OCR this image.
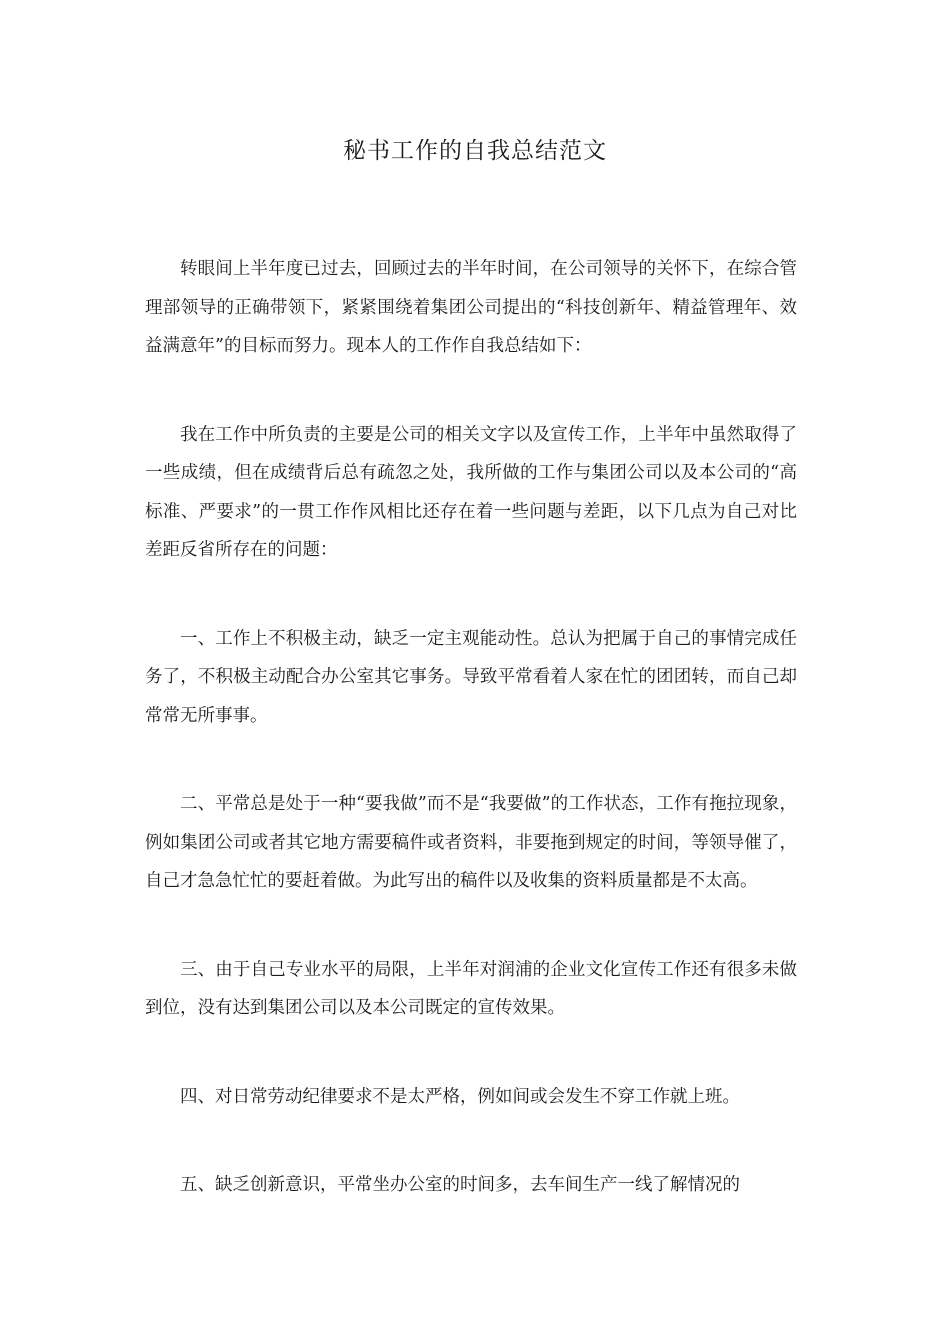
秘书工作的自我总结范文

转眼间上半年度已过去，回顾过去的半年时间，在公司领导的关怀下，在综合管理部领导的正确带领下，紧紧围绕着集团公司提出的“科技创新年、精益管理年、效益满意年”的目标而努力。现本人的工作作自我总结如下：

我在工作中所负责的主要是公司的相关文字以及宣传工作，上半年中虽然取得了一些成绩，但在成绩背后总有疏忽之处，我所做的工作与集团公司以及本公司的“高标准、严要求”的一贯工作作风相比还存在着一些问题与差距，以下几点为自己对比差距反省所存在的问题：

一、工作上不积极主动，缺乏一定主观能动性。总认为把属于自己的事情完成任务了，不积极主动配合办公室其它事务。导致平常看着人家在忙的团团转，而自己却常常无所事事。

二、平常总是处于一种“要我做”而不是“我要做”的工作状态，工作有拖拉现象，例如集团公司或者其它地方需要稿件或者资料，非要拖到规定的时间，等领导催了，自己才急急忙忙的要赶着做。为此写出的稿件以及收集的资料质量都是不太高。

三、由于自己专业水平的局限，上半年对润浦的企业文化宣传工作还有很多未做到位，没有达到集团公司以及本公司既定的宣传效果。

四、对日常劳动纪律要求不是太严格，例如间或会发生不穿工作就上班。

五、缺乏创新意识，平常坐办公室的时间多，去车间生产一线了解情况的
